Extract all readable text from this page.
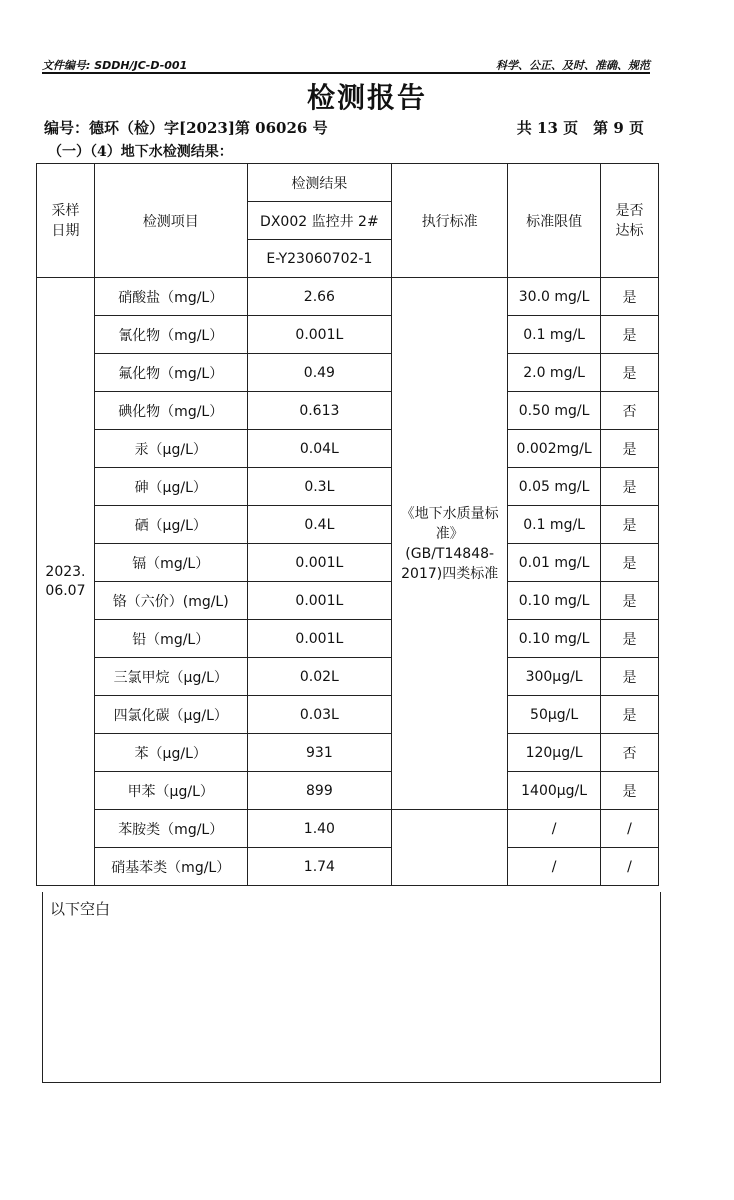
文件编号: SDDH/JC-D-001	科学、公正、及时、准确、规范
检测报告
编号：德环（检）字[2023]第 06026 号	共 13 页　第 9 页
（一）（4）地下水检测结果：
采样日期	检测项目	检测结果	执行标准	标准限值	是否达标
		DX002 监控井 2#			
		E-Y23060702-1			
2023.
06.07	硝酸盐（mg/L）	2.66	《地下水质量标准》(GB/T14848-2017)四类标准	30.0 mg/L	是
	氰化物（mg/L）	0.001L		0.1 mg/L	是
	氟化物（mg/L）	0.49		2.0 mg/L	是
	碘化物（mg/L）	0.613		0.50 mg/L	否
	汞（μg/L）	0.04L		0.002mg/L	是
	砷（μg/L）	0.3L		0.05 mg/L	是
	硒（μg/L）	0.4L		0.1 mg/L	是
	镉（mg/L）	0.001L		0.01 mg/L	是
	铬（六价）(mg/L)	0.001L		0.10 mg/L	是
	铅（mg/L）	0.001L		0.10 mg/L	是
	三氯甲烷（μg/L）	0.02L		300μg/L	是
	四氯化碳（μg/L）	0.03L		50μg/L	是
	苯（μg/L）	931		120μg/L	否
	甲苯（μg/L）	899		1400μg/L	是
	苯胺类（mg/L）	1.40		/	/
	硝基苯类（mg/L）	1.74		/	/
以下空白
